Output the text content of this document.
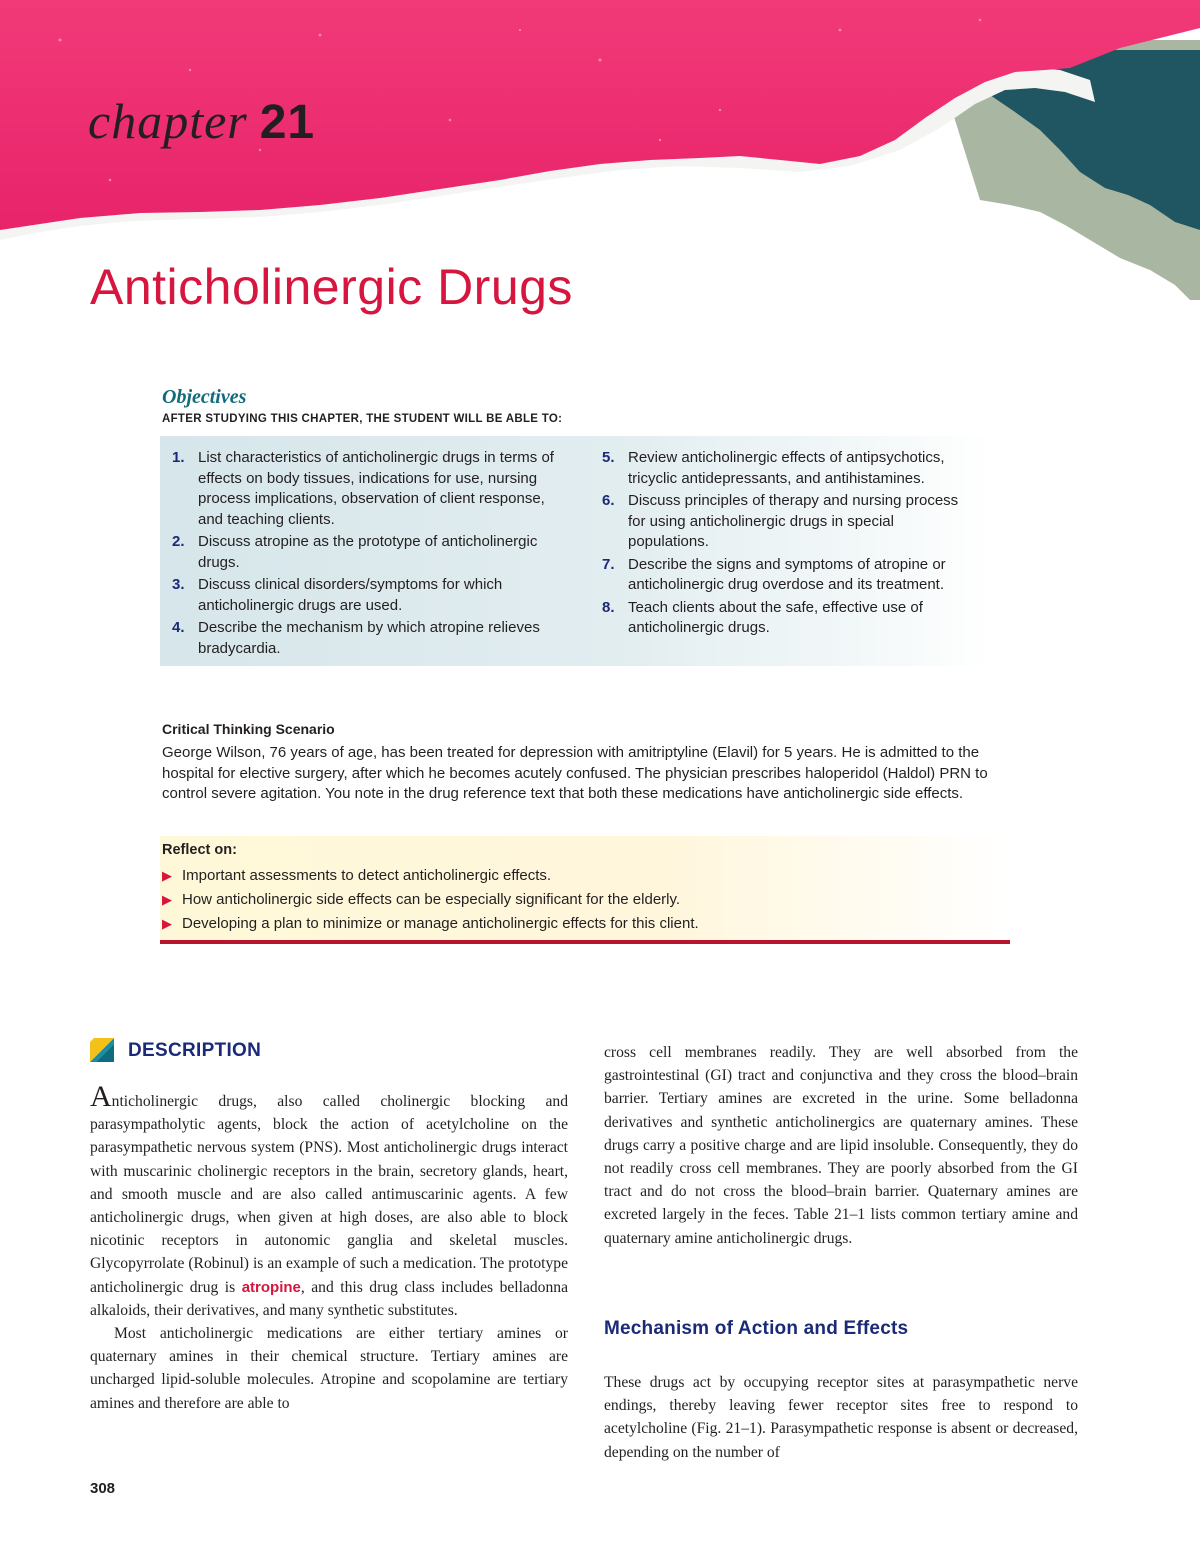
chapter 21
Anticholinergic Drugs
Objectives

AFTER STUDYING THIS CHAPTER, THE STUDENT WILL BE ABLE TO:

1. List characteristics of anticholinergic drugs in terms of effects on body tissues, indications for use, nursing process implications, observation of client response, and teaching clients.
2. Discuss atropine as the prototype of anticholinergic drugs.
3. Discuss clinical disorders/symptoms for which anticholinergic drugs are used.
4. Describe the mechanism by which atropine relieves bradycardia.
5. Review anticholinergic effects of antipsychotics, tricyclic antidepressants, and antihistamines.
6. Discuss principles of therapy and nursing process for using anticholinergic drugs in special populations.
7. Describe the signs and symptoms of atropine or anticholinergic drug overdose and its treatment.
8. Teach clients about the safe, effective use of anticholinergic drugs.
Critical Thinking Scenario

George Wilson, 76 years of age, has been treated for depression with amitriptyline (Elavil) for 5 years. He is admitted to the hospital for elective surgery, after which he becomes acutely confused. The physician prescribes haloperidol (Haldol) PRN to control severe agitation. You note in the drug reference text that both these medications have anticholinergic side effects.

Reflect on:
▶ Important assessments to detect anticholinergic effects.
▶ How anticholinergic side effects can be especially significant for the elderly.
▶ Developing a plan to minimize or manage anticholinergic effects for this client.
DESCRIPTION

Anticholinergic drugs, also called cholinergic blocking and parasympatholytic agents, block the action of acetylcholine on the parasympathetic nervous system (PNS). Most anticholinergic drugs interact with muscarinic cholinergic receptors in the brain, secretory glands, heart, and smooth muscle and are also called antimuscarinic agents. A few anticholinergic drugs, when given at high doses, are also able to block nicotinic receptors in autonomic ganglia and skeletal muscles. Glycopyrrolate (Robinul) is an example of such a medication. The prototype anticholinergic drug is atropine, and this drug class includes belladonna alkaloids, their derivatives, and many synthetic substitutes.

Most anticholinergic medications are either tertiary amines or quaternary amines in their chemical structure. Tertiary amines are uncharged lipid-soluble molecules. Atropine and scopolamine are tertiary amines and therefore are able to

cross cell membranes readily. They are well absorbed from the gastrointestinal (GI) tract and conjunctiva and they cross the blood–brain barrier. Tertiary amines are excreted in the urine. Some belladonna derivatives and synthetic anticholinergics are quaternary amines. These drugs carry a positive charge and are lipid insoluble. Consequently, they do not readily cross cell membranes. They are poorly absorbed from the GI tract and do not cross the blood–brain barrier. Quaternary amines are excreted largely in the feces. Table 21–1 lists common tertiary amine and quaternary amine anticholinergic drugs.

Mechanism of Action and Effects

These drugs act by occupying receptor sites at parasympathetic nerve endings, thereby leaving fewer receptor sites free to respond to acetylcholine (Fig. 21–1). Parasympathetic response is absent or decreased, depending on the number of

308
